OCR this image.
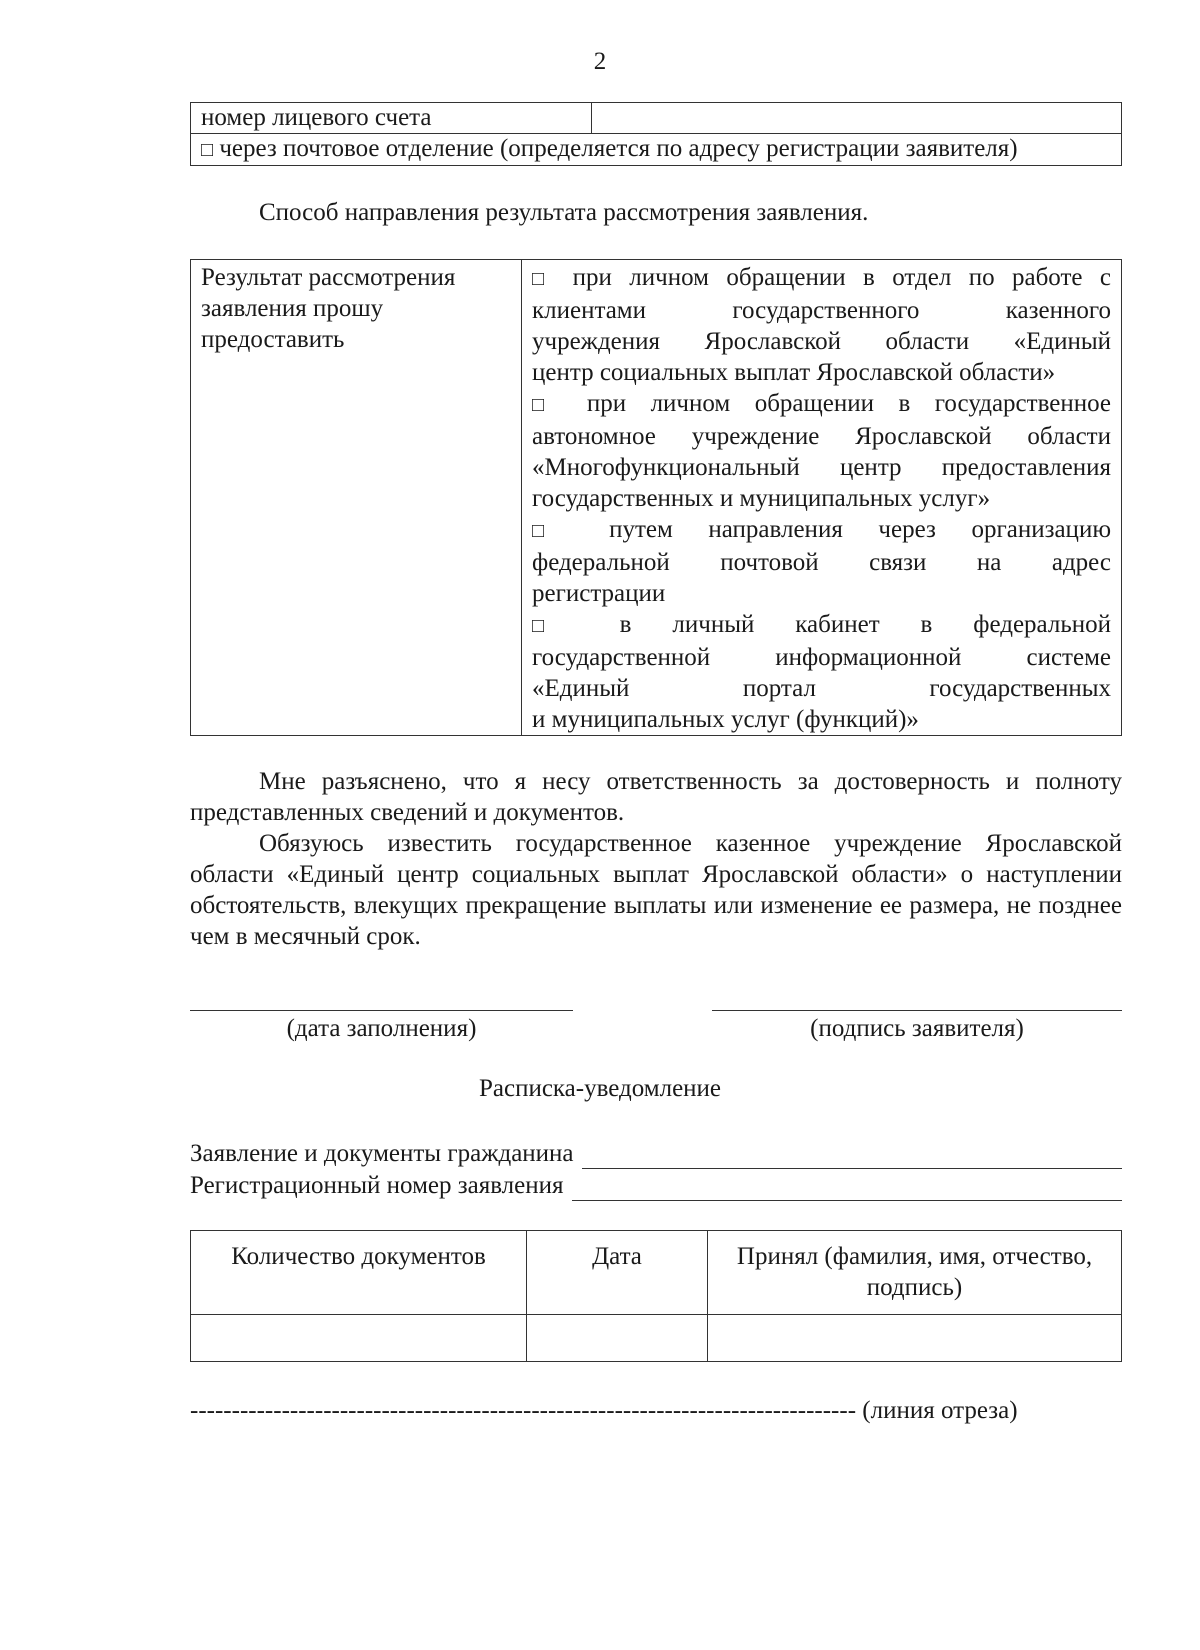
2
номер лицевого счета	
□ через почтовое отделение (определяется по адресу регистрации заявителя)
Способ направления результата рассмотрения заявления.
Результат рассмотрения
заявления прошу
предоставить

□ при личном обращении в отдел по работе с
клиентами государственного казенного
учреждения Ярославской области «Единый
центр социальных выплат Ярославской области»
□ при личном обращении в государственное
автономное учреждение Ярославской области
«Многофункциональный центр предоставления
государственных и муниципальных услуг»
□ путем направления через организацию
федеральной почтовой связи на адрес
регистрации
□ в личный кабинет в федеральной
государственной информационной системе
«Единый портал государственных
и муниципальных услуг (функций)»
Мне разъяснено, что я несу ответственность за достоверность и полноту представленных сведений и документов.
Обязуюсь известить государственное казенное учреждение Ярославской области «Единый центр социальных выплат Ярославской области» о наступлении обстоятельств, влекущих прекращение выплаты или изменение ее размера, не позднее чем в месячный срок.
(дата заполнения)	(подпись заявителя)
Расписка-уведомление
Заявление и документы гражданина
Регистрационный номер заявления
Количество документов	Дата	Принял (фамилия, имя, отчество, подпись)

-------------------------------------------------------------------------------- (линия отреза)
